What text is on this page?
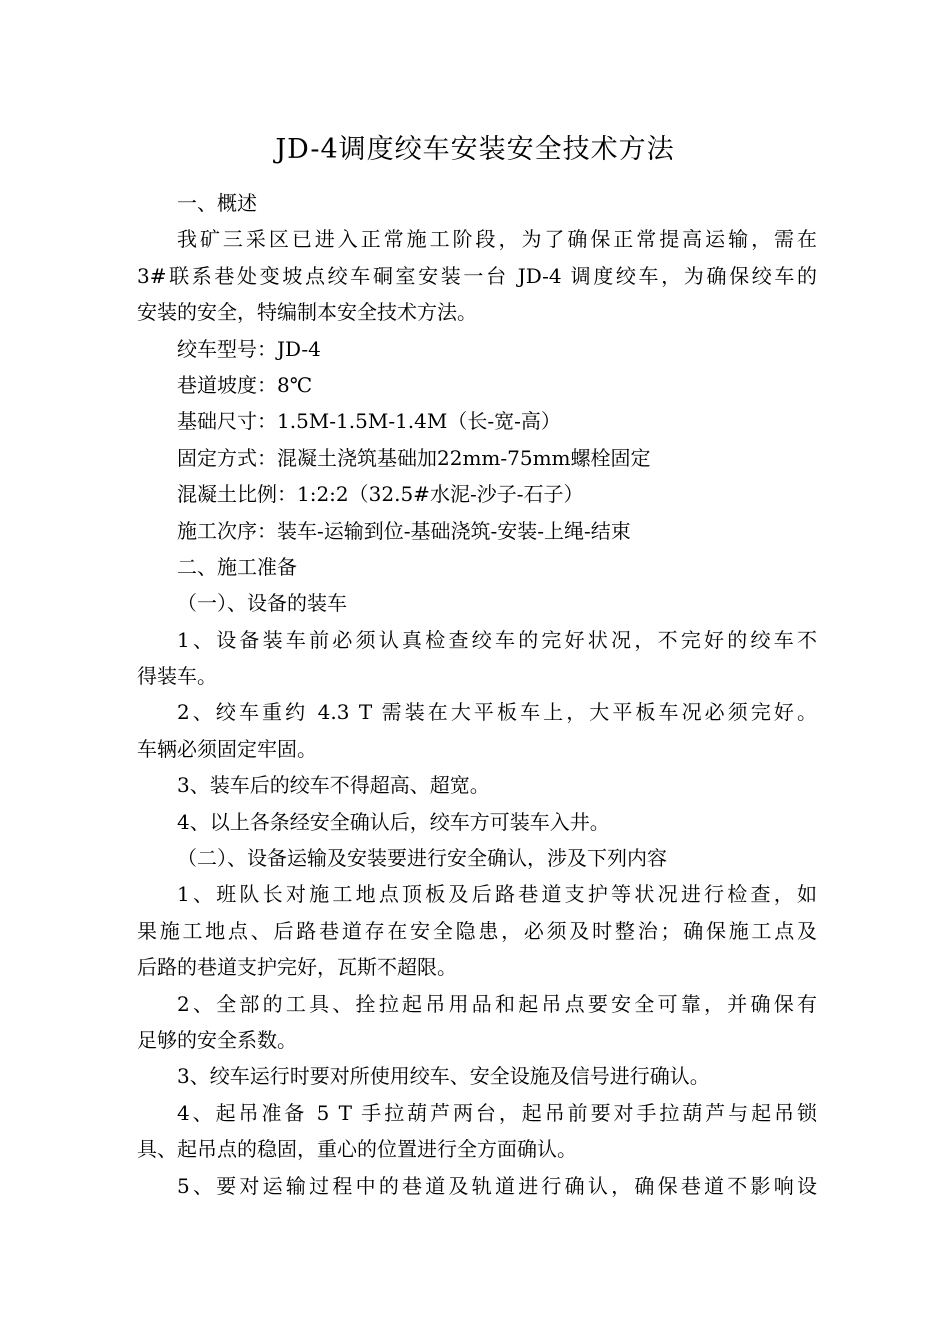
JD-4调度绞车安装安全技术方法
一、概述
我矿三采区已进入正常施工阶段，为了确保正常提高运输，需在
3#联系巷处变坡点绞车硐室安装一台 JD-4 调度绞车，为确保绞车的
安装的安全，特编制本安全技术方法。
绞车型号：JD-4
巷道坡度：8℃
基础尺寸：1.5M-1.5M-1.4M（长-宽-高）
固定方式：混凝土浇筑基础加22mm-75mm螺栓固定
混凝土比例：1:2:2（32.5#水泥-沙子-石子）
施工次序：装车-运输到位-基础浇筑-安装-上绳-结束
二、施工准备
（一）、设备的装车
1、设备装车前必须认真检查绞车的完好状况，不完好的绞车不
得装车。
2、绞车重约 4.3 T 需装在大平板车上，大平板车况必须完好。
车辆必须固定牢固。
3、装车后的绞车不得超高、超宽。
4、以上各条经安全确认后，绞车方可装车入井。
（二）、设备运输及安装要进行安全确认，涉及下列内容
1、班队长对施工地点顶板及后路巷道支护等状况进行检查，如
果施工地点、后路巷道存在安全隐患，必须及时整治；确保施工点及
后路的巷道支护完好，瓦斯不超限。
2、全部的工具、拴拉起吊用品和起吊点要安全可靠，并确保有
足够的安全系数。
3、绞车运行时要对所使用绞车、安全设施及信号进行确认。
4、起吊准备 5 T 手拉葫芦两台，起吊前要对手拉葫芦与起吊锁
具、起吊点的稳固，重心的位置进行全方面确认。
5、要对运输过程中的巷道及轨道进行确认，确保巷道不影响设
